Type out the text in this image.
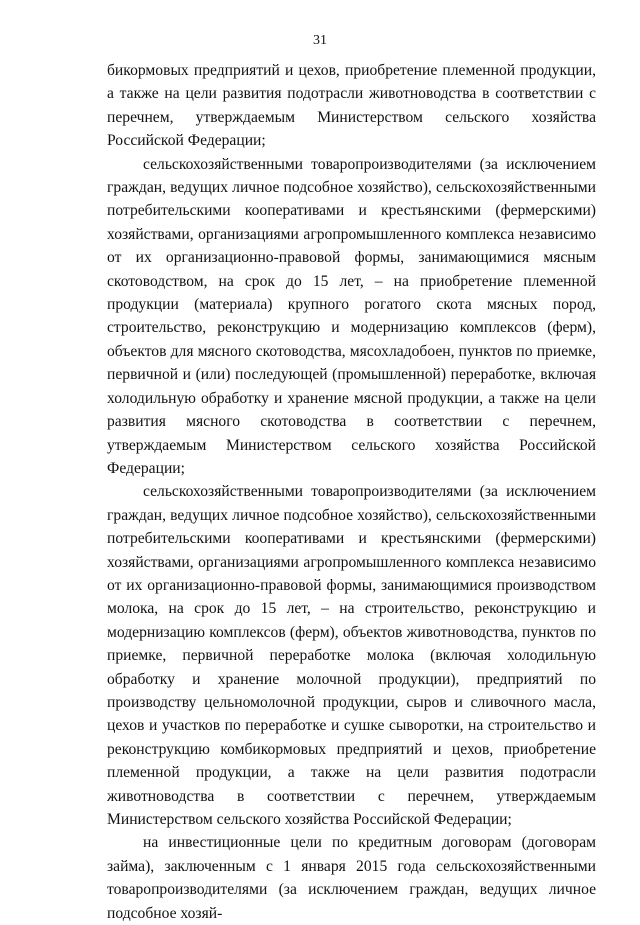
31

бикормовых предприятий и цехов, приобретение племенной продукции, а также на цели развития подотрасли животноводства в соответствии с перечнем, утверждаемым Министерством сельского хозяйства Российской Федерации;

сельскохозяйственными товаропроизводителями (за исключением граждан, ведущих личное подсобное хозяйство), сельскохозяйственными потребительскими кооперативами и крестьянскими (фермерскими) хозяйствами, организациями агропромышленного комплекса независимо от их организационно-правовой формы, занимающимися мясным скотоводством, на срок до 15 лет, – на приобретение племенной продукции (материала) крупного рогатого скота мясных пород, строительство, реконструкцию и модернизацию комплексов (ферм), объектов для мясного скотоводства, мясохладобоен, пунктов по приемке, первичной и (или) последующей (промышленной) переработке, включая холодильную обработку и хранение мясной продукции, а также на цели развития мясного скотоводства в соответствии с перечнем, утверждаемым Министерством сельского хозяйства Российской Федерации;

сельскохозяйственными товаропроизводителями (за исключением граждан, ведущих личное подсобное хозяйство), сельскохозяйственными потребительскими кооперативами и крестьянскими (фермерскими) хозяйствами, организациями агропромышленного комплекса независимо от их организационно-правовой формы, занимающимися производством молока, на срок до 15 лет, – на строительство, реконструкцию и модернизацию комплексов (ферм), объектов животноводства, пунктов по приемке, первичной переработке молока (включая холодильную обработку и хранение молочной продукции), предприятий по производству цельномолочной продукции, сыров и сливочного масла, цехов и участков по переработке и сушке сыворотки, на строительство и реконструкцию комбикормовых предприятий и цехов, приобретение племенной продукции, а также на цели развития подотрасли животноводства в соответствии с перечнем, утверждаемым Министерством сельского хозяйства Российской Федерации;

на инвестиционные цели по кредитным договорам (договорам займа), заключенным с 1 января 2015 года сельскохозяйственными товаропроизводителями (за исключением граждан, ведущих личное подсобное хозяй-
